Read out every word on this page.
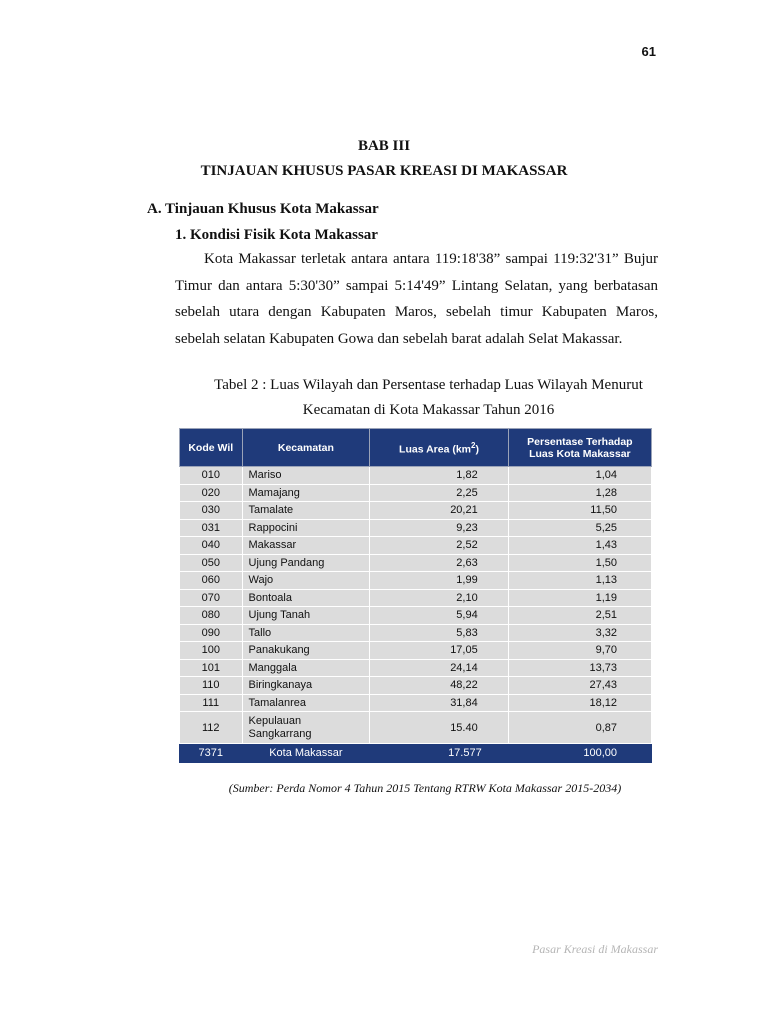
61
BAB III
TINJAUAN KHUSUS PASAR KREASI DI MAKASSAR
A. Tinjauan Khusus Kota Makassar
1. Kondisi Fisik Kota Makassar
Kota Makassar terletak antara antara 119:18'38” sampai 119:32'31” Bujur Timur dan antara 5:30'30” sampai 5:14'49” Lintang Selatan, yang berbatasan sebelah utara dengan Kabupaten Maros, sebelah timur Kabupaten Maros, sebelah selatan Kabupaten Gowa dan sebelah barat adalah Selat Makassar.
Tabel 2 : Luas Wilayah dan Persentase terhadap Luas Wilayah Menurut
Kecamatan di Kota Makassar Tahun 2016
Kode Wil	Kecamatan	Luas Area $(km^2)$	Persentase Terhadap
Luas Kota Makassar

010	Mariso	1,82	1,04
020	Mamajang	2,25	1,28
030	Tamalate	20,21	11,50
031	Rappocini	9,23	5,25
040	Makassar	2,52	1,43
050	Ujung Pandang	2,63	1,50
060	Wajo	1,99	1,13
070	Bontoala	2,10	1,19
080	Ujung Tanah	5,94	2,51
090	Tallo	5,83	3,32
100	Panakukang	17,05	9,70
101	Manggala	24,14	13,73
110	Biringkanaya	48,22	27,43
111	Tamalanrea	31,84	18,12
112	Kepulauan
Sangkarrang	15.40	0,87
7371	Kota Makassar	17.577	100,00
(Sumber: Perda Nomor 4 Tahun 2015 Tentang RTRW Kota Makassar 2015-2034)
Pasar Kreasi di Makassar
